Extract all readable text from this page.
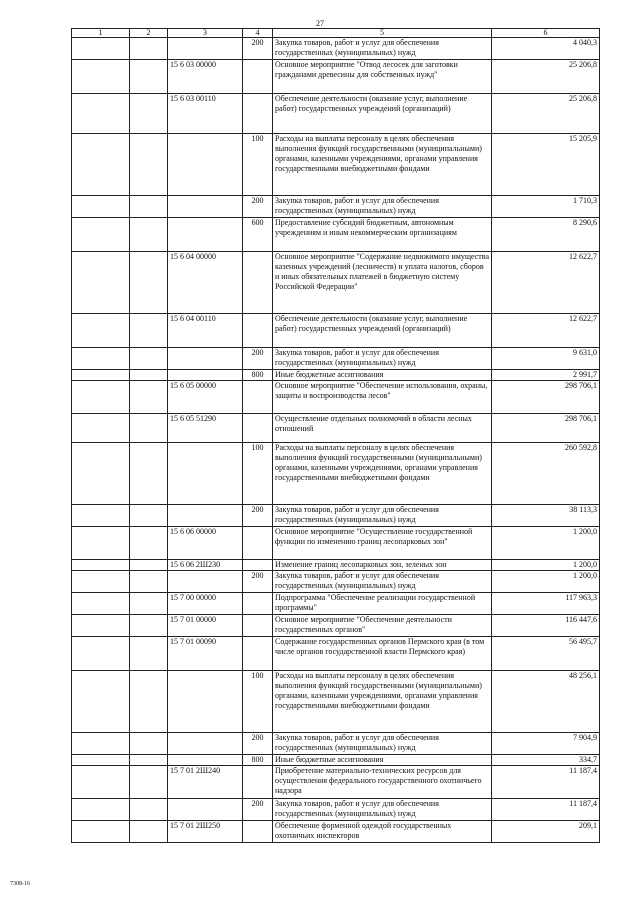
27
1	2	3	4	5	6
			200	Закупка товаров, работ и услуг для обеспечения государственных (муниципальных) нужд	4 040,3
		15 6 03 00000		Основное мероприятие "Отвод лесосек для заготовки гражданами древесины для собственных нужд"	25 206,8
		15 6 03 00110		Обеспечение деятельности (оказание услуг, выполнение работ) государственных учреждений (организаций)	25 206,8
			100	Расходы на выплаты персоналу в целях обеспечения выполнения функций государственными (муниципальными) органами, казенными учреждениями, органами управления государственными внебюджетными фондами	15 205,9
			200	Закупка товаров, работ и услуг для обеспечения государственных (муниципальных) нужд	1 710,3
			600	Предоставление субсидий бюджетным, автономным учреждениям и иным некоммерческим организациям	8 290,6
		15 6 04 00000		Основное мероприятие "Содержание недвижимого имущества казенных учреждений (лесничеств) и уплата налогов, сборов и иных обязательных платежей в бюджетную систему Российской Федерации"	12 622,7
		15 6 04 00110		Обеспечение деятельности (оказание услуг, выполнение работ) государственных учреждений (организаций)	12 622,7
			200	Закупка товаров, работ и услуг для обеспечения государственных (муниципальных) нужд	9 631,0
			800	Иные бюджетные ассигнования	2 991,7
		15 6 05 00000		Основное мероприятие "Обеспечение использования, охраны, защиты и воспроизводства лесов"	298 706,1
		15 6 05 51290		Осуществление отдельных полномочий в области лесных отношений	298 706,1
			100	Расходы на выплаты персоналу в целях обеспечения выполнения функций государственными (муниципальными) органами, казенными учреждениями, органами управления государственными внебюджетными фондами	260 592,8
			200	Закупка товаров, работ и услуг для обеспечения государственных (муниципальных) нужд	38 113,3
		15 6 06 00000		Основное мероприятие "Осуществление государственной функции по изменению границ лесопарковых зон"	1 200,0
		15 6 06 2Ш230		Изменение границ лесопарковых зон, зеленых зон	1 200,0
			200	Закупка товаров, работ и услуг для обеспечения государственных (муниципальных) нужд	1 200,0
		15 7 00 00000		Подпрограмма "Обеспечение реализации государственной программы"	117 963,3
		15 7 01 00000		Основное мероприятие "Обеспечение деятельности государственных органов"	116 447,6
		15 7 01 00090		Содержание государственных органов Пермского края (в том числе органов государственной власти Пермского края)	56 495,7
			100	Расходы на выплаты персоналу в целях обеспечения выполнения функций государственными (муниципальными) органами, казенными учреждениями, органами управления государственными внебюджетными фондами	48 256,1
			200	Закупка товаров, работ и услуг для обеспечения государственных (муниципальных) нужд	7 904,9
			800	Иные бюджетные ассигнования	334,7
		15 7 01 2Ш240		Приобретение материально-технических ресурсов для осуществления федерального государственного охотничьего надзора	11 187,4
			200	Закупка товаров, работ и услуг для обеспечения государственных (муниципальных) нужд	11 187,4
		15 7 01 2Ш250		Обеспечение форменной одеждой государственных охотничьих инспекторов	209,1
7308-16
